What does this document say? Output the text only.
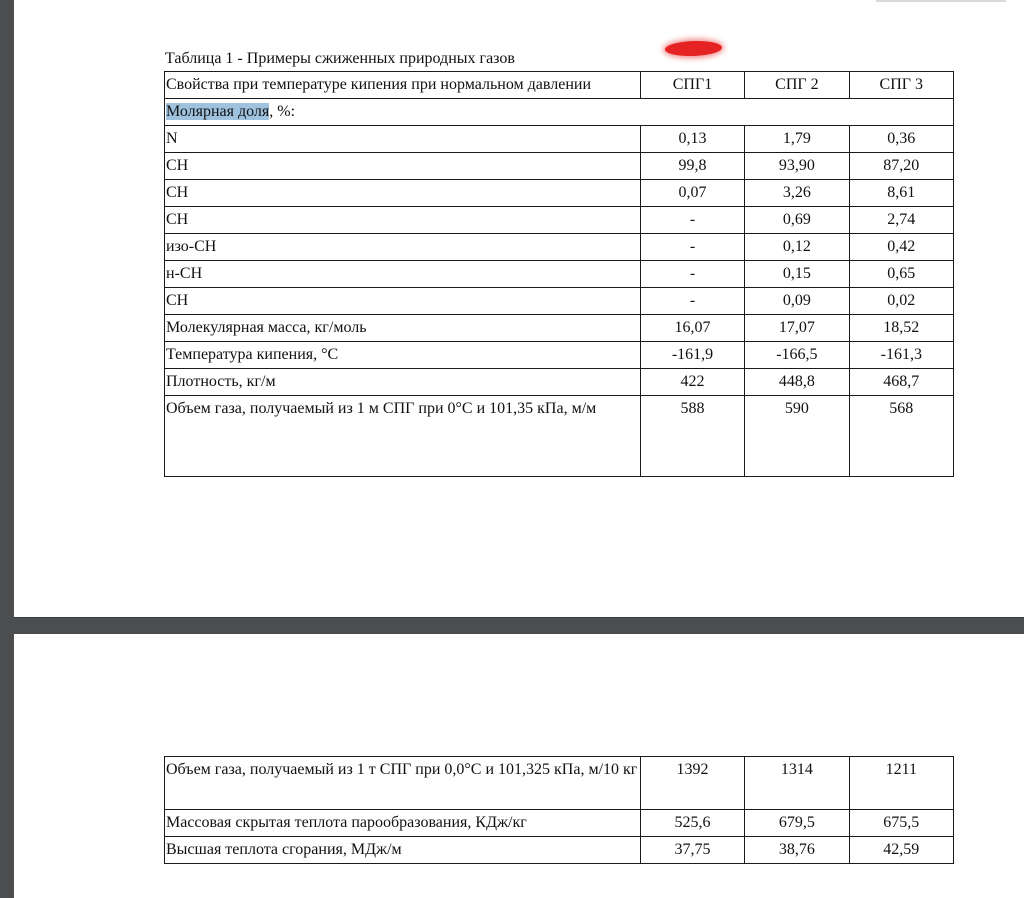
Таблица 1 - Примеры сжиженных природных газов
Свойства при температуре кипения при нормальном давлении	СПГ1	СПГ 2	СПГ 3
Молярная доля, %:			
N	0,13	1,79	0,36
CH	99,8	93,90	87,20
CH	0,07	3,26	8,61
CH	-	0,69	2,74
изо-CH	-	0,12	0,42
н-CH	-	0,15	0,65
CH	-	0,09	0,02
Молекулярная масса, кг/моль	16,07	17,07	18,52
Температура кипения, °C	-161,9	-166,5	-161,3
Плотность, кг/м	422	448,8	468,7
Объем газа, получаемый из 1 м СПГ при 0°С и 101,35 кПа, м/м	588	590	568
Объем газа, получаемый из 1 т СПГ при 0,0°С и 101,325 кПа, м/10 кг	1392	1314	1211
Массовая скрытая теплота парообразования, КДж/кг	525,6	679,5	675,5
Высшая теплота сгорания, МДж/м	37,75	38,76	42,59
